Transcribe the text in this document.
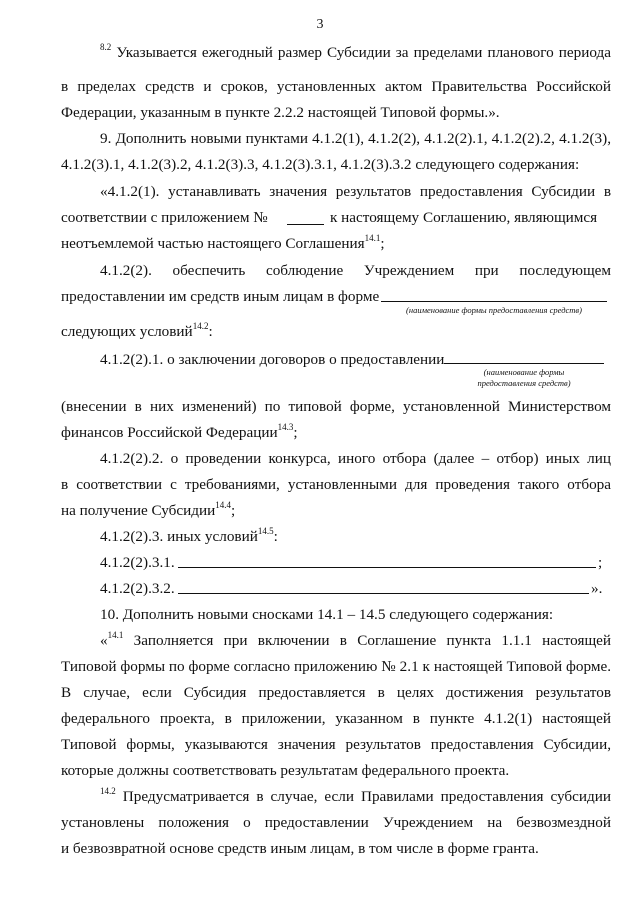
3
$^{8.2}$ Указывается ежегодный размер Субсидии за пределами планового периода
в пределах средств и сроков, установленных актом Правительства Российской
Федерации, указанным в пункте 2.2.2 настоящей Типовой формы.».
9. Дополнить новыми пунктами 4.1.2(1), 4.1.2(2), 4.1.2(2).1, 4.1.2(2).2, 4.1.2(3),
4.1.2(3).1, 4.1.2(3).2, 4.1.2(3).3, 4.1.2(3).3.1, 4.1.2(3).3.2 следующего содержания:
«4.1.2(1). устанавливать значения результатов предоставления Субсидии в
соответствии с приложением №	к настоящему Соглашению, являющимся
неотъемлемой частью настоящего Соглашения$^{14.1}$;
4.1.2(2). обеспечить соблюдение Учреждением при последующем
предоставлении им средств иным лицам в форме
(наименование формы предоставления средств)
следующих условий$^{14.2}$:
4.1.2(2).1. о заключении договоров о предоставлении
(наименование формы
предоставления средств)
(внесении в них изменений) по типовой форме, установленной Министерством
финансов Российской Федерации$^{14.3}$;
4.1.2(2).2. о проведении конкурса, иного отбора (далее – отбор) иных лиц
в соответствии с требованиями, установленными для проведения такого отбора
на получение Субсидии$^{14.4}$;
4.1.2(2).3. иных условий$^{14.5}$:
4.1.2(2).3.1.	;
4.1.2(2).3.2.	».
10. Дополнить новыми сносками 14.1 – 14.5 следующего содержания:
«$^{14.1}$ Заполняется при включении в Соглашение пункта 1.1.1 настоящей
Типовой формы по форме согласно приложению № 2.1 к настоящей Типовой форме.
В случае, если Субсидия предоставляется в целях достижения результатов
федерального проекта, в приложении, указанном в пункте 4.1.2(1) настоящей
Типовой формы, указываются значения результатов предоставления Субсидии,
которые должны соответствовать результатам федерального проекта.
$^{14.2}$ Предусматривается в случае, если Правилами предоставления субсидии
установлены положения о предоставлении Учреждением на безвозмездной
и безвозвратной основе средств иным лицам, в том числе в форме гранта.
